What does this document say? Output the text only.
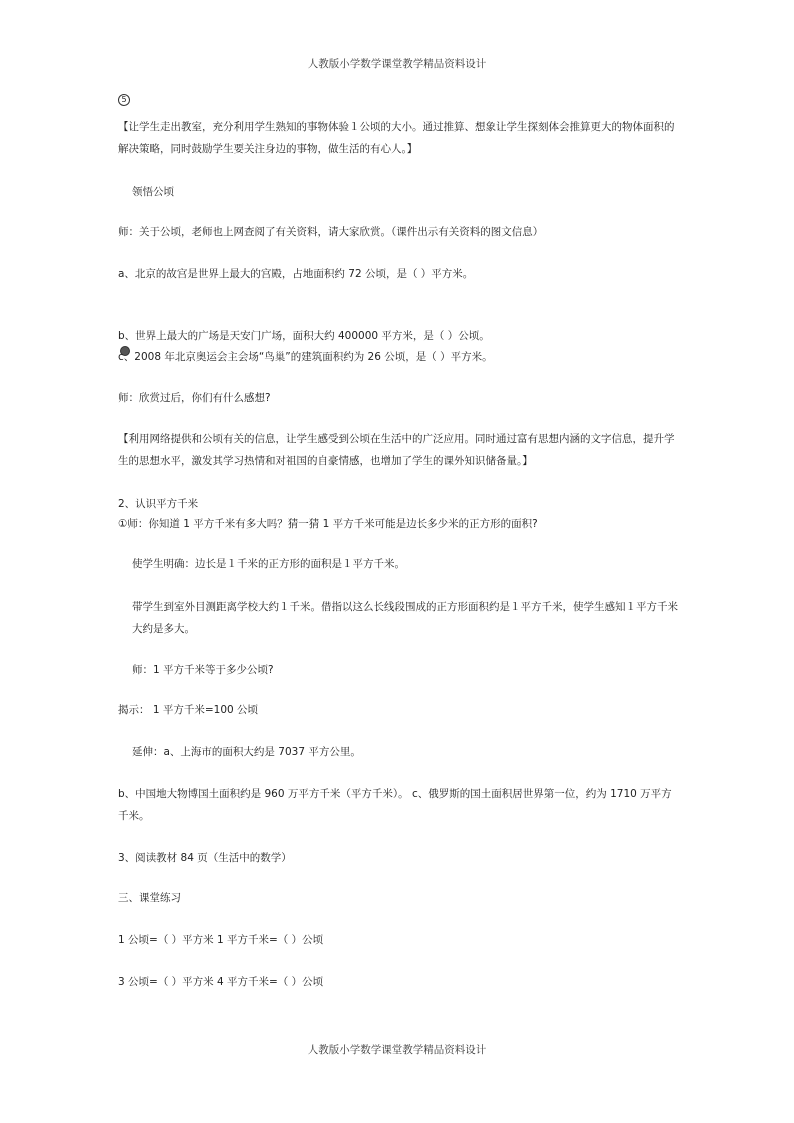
人教版小学数学课堂教学精品资料设计
5
【让学生走出教室，充分利用学生熟知的事物体验１公顷的大小。通过推算、想象让学生探刻体会推算更大的物体面积的解决策略，同时鼓励学生要关注身边的事物，做生活的有心人。】
领悟公顷
师：关于公顷，老师也上网查阅了有关资料，请大家欣赏。（课件出示有关资料的图文信息）
a、北京的故宫是世界上最大的宫殿，占地面积约 72 公顷，是（ ）平方米。
b、世界上最大的广场是天安门广场，面积大约 400000 平方米，是（ ）公顷。
c、2008 年北京奥运会主会场“鸟巢”的建筑面积约为 26 公顷，是（ ）平方米。
师：欣赏过后，你们有什么感想?
【利用网络提供和公顷有关的信息，让学生感受到公顷在生活中的广泛应用。同时通过富有思想内涵的文字信息，提升学生的思想水平，激发其学习热情和对祖国的自豪情感，也增加了学生的课外知识储备量。】
2、认识平方千米
①师：你知道 1 平方千米有多大吗？猜一猜 1 平方千米可能是边长多少米的正方形的面积?
使学生明确：边长是１千米的正方形的面积是１平方千米。
带学生到室外目测距离学校大约１千米。借指以这么长线段围成的正方形面积约是１平方千米，使学生感知１平方千米大约是多大。
师：1 平方千米等于多少公顷?
揭示： 1 平方千米=100 公顷
延伸：a、上海市的面积大约是 7037 平方公里。
b、中国地大物博国土面积约是 960 万平方千米（平方千米）。 c、俄罗斯的国土面积居世界第一位，约为 1710 万平方千米。
3、阅读教材 84 页（生活中的数学）
三、课堂练习
1 公顷=（ ）平方米 1 平方千米=（ ）公顷
3 公顷=（ ）平方米 4 平方千米=（ ）公顷
人教版小学数学课堂教学精品资料设计
